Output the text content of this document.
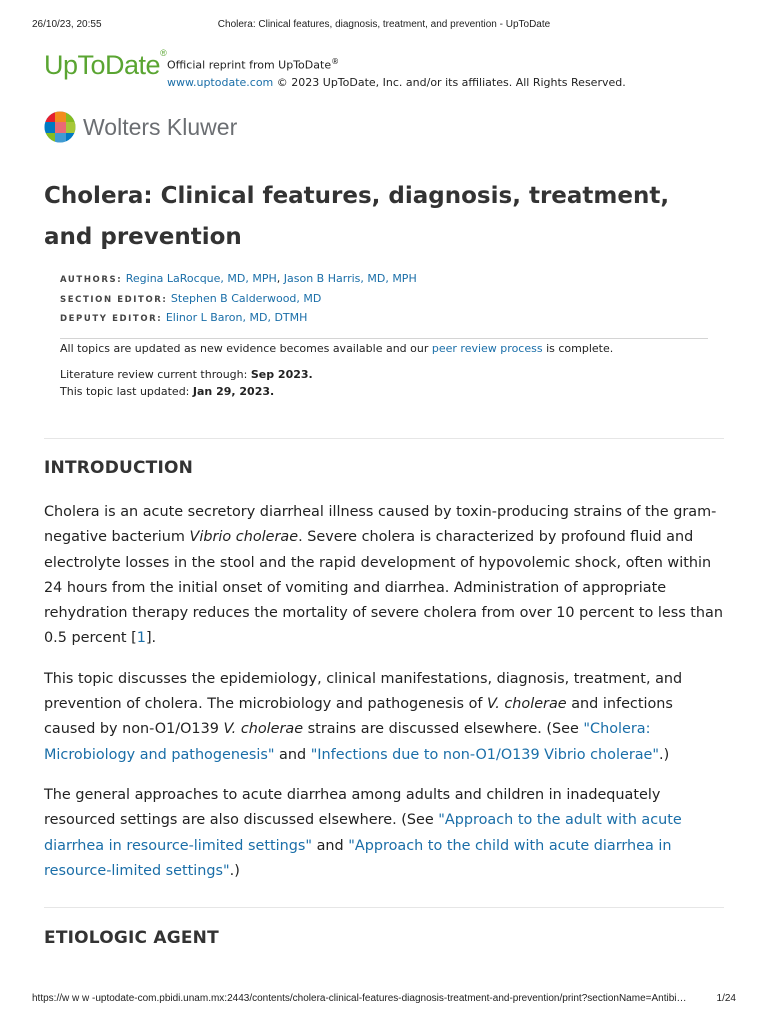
26/10/23, 20:55	Cholera: Clinical features, diagnosis, treatment, and prevention - UpToDate
UpToDate®
Official reprint from UpToDate®
www.uptodate.com © 2023 UpToDate, Inc. and/or its affiliates. All Rights Reserved.
Wolters Kluwer
Cholera: Clinical features, diagnosis, treatment, and prevention
AUTHORS: Regina LaRocque, MD, MPH, Jason B Harris, MD, MPH
SECTION EDITOR: Stephen B Calderwood, MD
DEPUTY EDITOR: Elinor L Baron, MD, DTMH

All topics are updated as new evidence becomes available and our peer review process is complete.

Literature review current through: Sep 2023.

This topic last updated: Jan 29, 2023.

INTRODUCTION

Cholera is an acute secretory diarrheal illness caused by toxin-producing strains of the gram-negative bacterium Vibrio cholerae. Severe cholera is characterized by profound fluid and electrolyte losses in the stool and the rapid development of hypovolemic shock, often within 24 hours from the initial onset of vomiting and diarrhea. Administration of appropriate rehydration therapy reduces the mortality of severe cholera from over 10 percent to less than 0.5 percent [1].

This topic discusses the epidemiology, clinical manifestations, diagnosis, treatment, and prevention of cholera. The microbiology and pathogenesis of V. cholerae and infections caused by non-O1/O139 V. cholerae strains are discussed elsewhere. (See "Cholera: Microbiology and pathogenesis" and "Infections due to non-O1/O139 Vibrio cholerae".)

The general approaches to acute diarrhea among adults and children in inadequately resourced settings are also discussed elsewhere. (See "Approach to the adult with acute diarrhea in resource-limited settings" and "Approach to the child with acute diarrhea in resource-limited settings".)

ETIOLOGIC AGENT
https://w w w -uptodate-com.pbidi.unam.mx:2443/contents/cholera-clinical-features-diagnosis-treatment-and-prevention/print?sectionName=Antibi…	1/24
